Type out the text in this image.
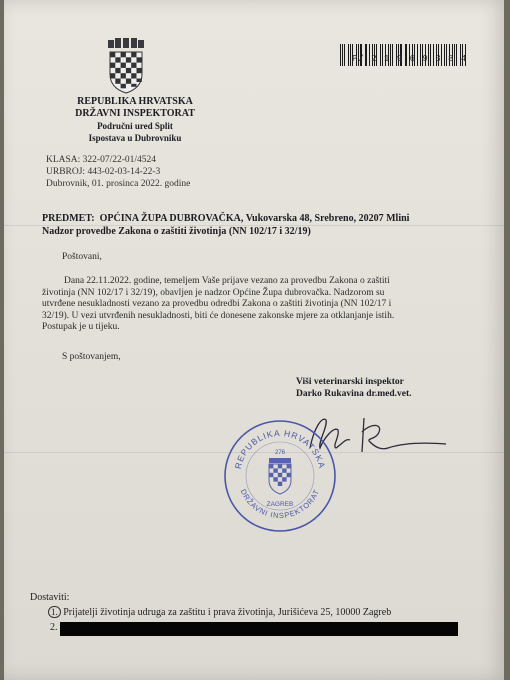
P/ 2 1 9 6 9 3 8 4
REPUBLIKA HRVATSKA
DRŽAVNI INSPEKTORAT
Područni ured Split
Ispostava u Dubrovniku
KLASA: 322-07/22-01/4524
URBROJ: 443-02-03-14-22-3
Dubrovnik, 01. prosinca 2022. godine
PREDMET: OPĆINA ŽUPA DUBROVAČKA, Vukovarska 48, Srebreno, 20207 Mlini
Nadzor provedbe Zakona o zaštiti životinja (NN 102/17 i 32/19)
Poštovani,
Dana 22.11.2022. godine, temeljem Vaše prijave vezano za provedbu Zakona o zaštiti
životinja (NN 102/17 i 32/19), obavljen je nadzor Općine Župa dubrovačka. Nadzorom su
utvrđene nesukladnosti vezano za provedbu odredbi Zakona o zaštiti životinja (NN 102/17 i
32/19). U vezi utvrđenih nesukladnosti, biti će donesene zakonske mjere za otklanjanje istih.
Postupak je u tijeku.
S poštovanjem,
Viši veterinarski inspektor
Darko Rukavina dr.med.vet.
REPUBLIKA HRVATSKA
276
ZAGREB
DRŽAVNI INSPEKTORAT
Dostaviti:
1. Prijatelji životinja udruga za zaštitu i prava životinja, Jurišićeva 25, 10000 Zagreb
2.
